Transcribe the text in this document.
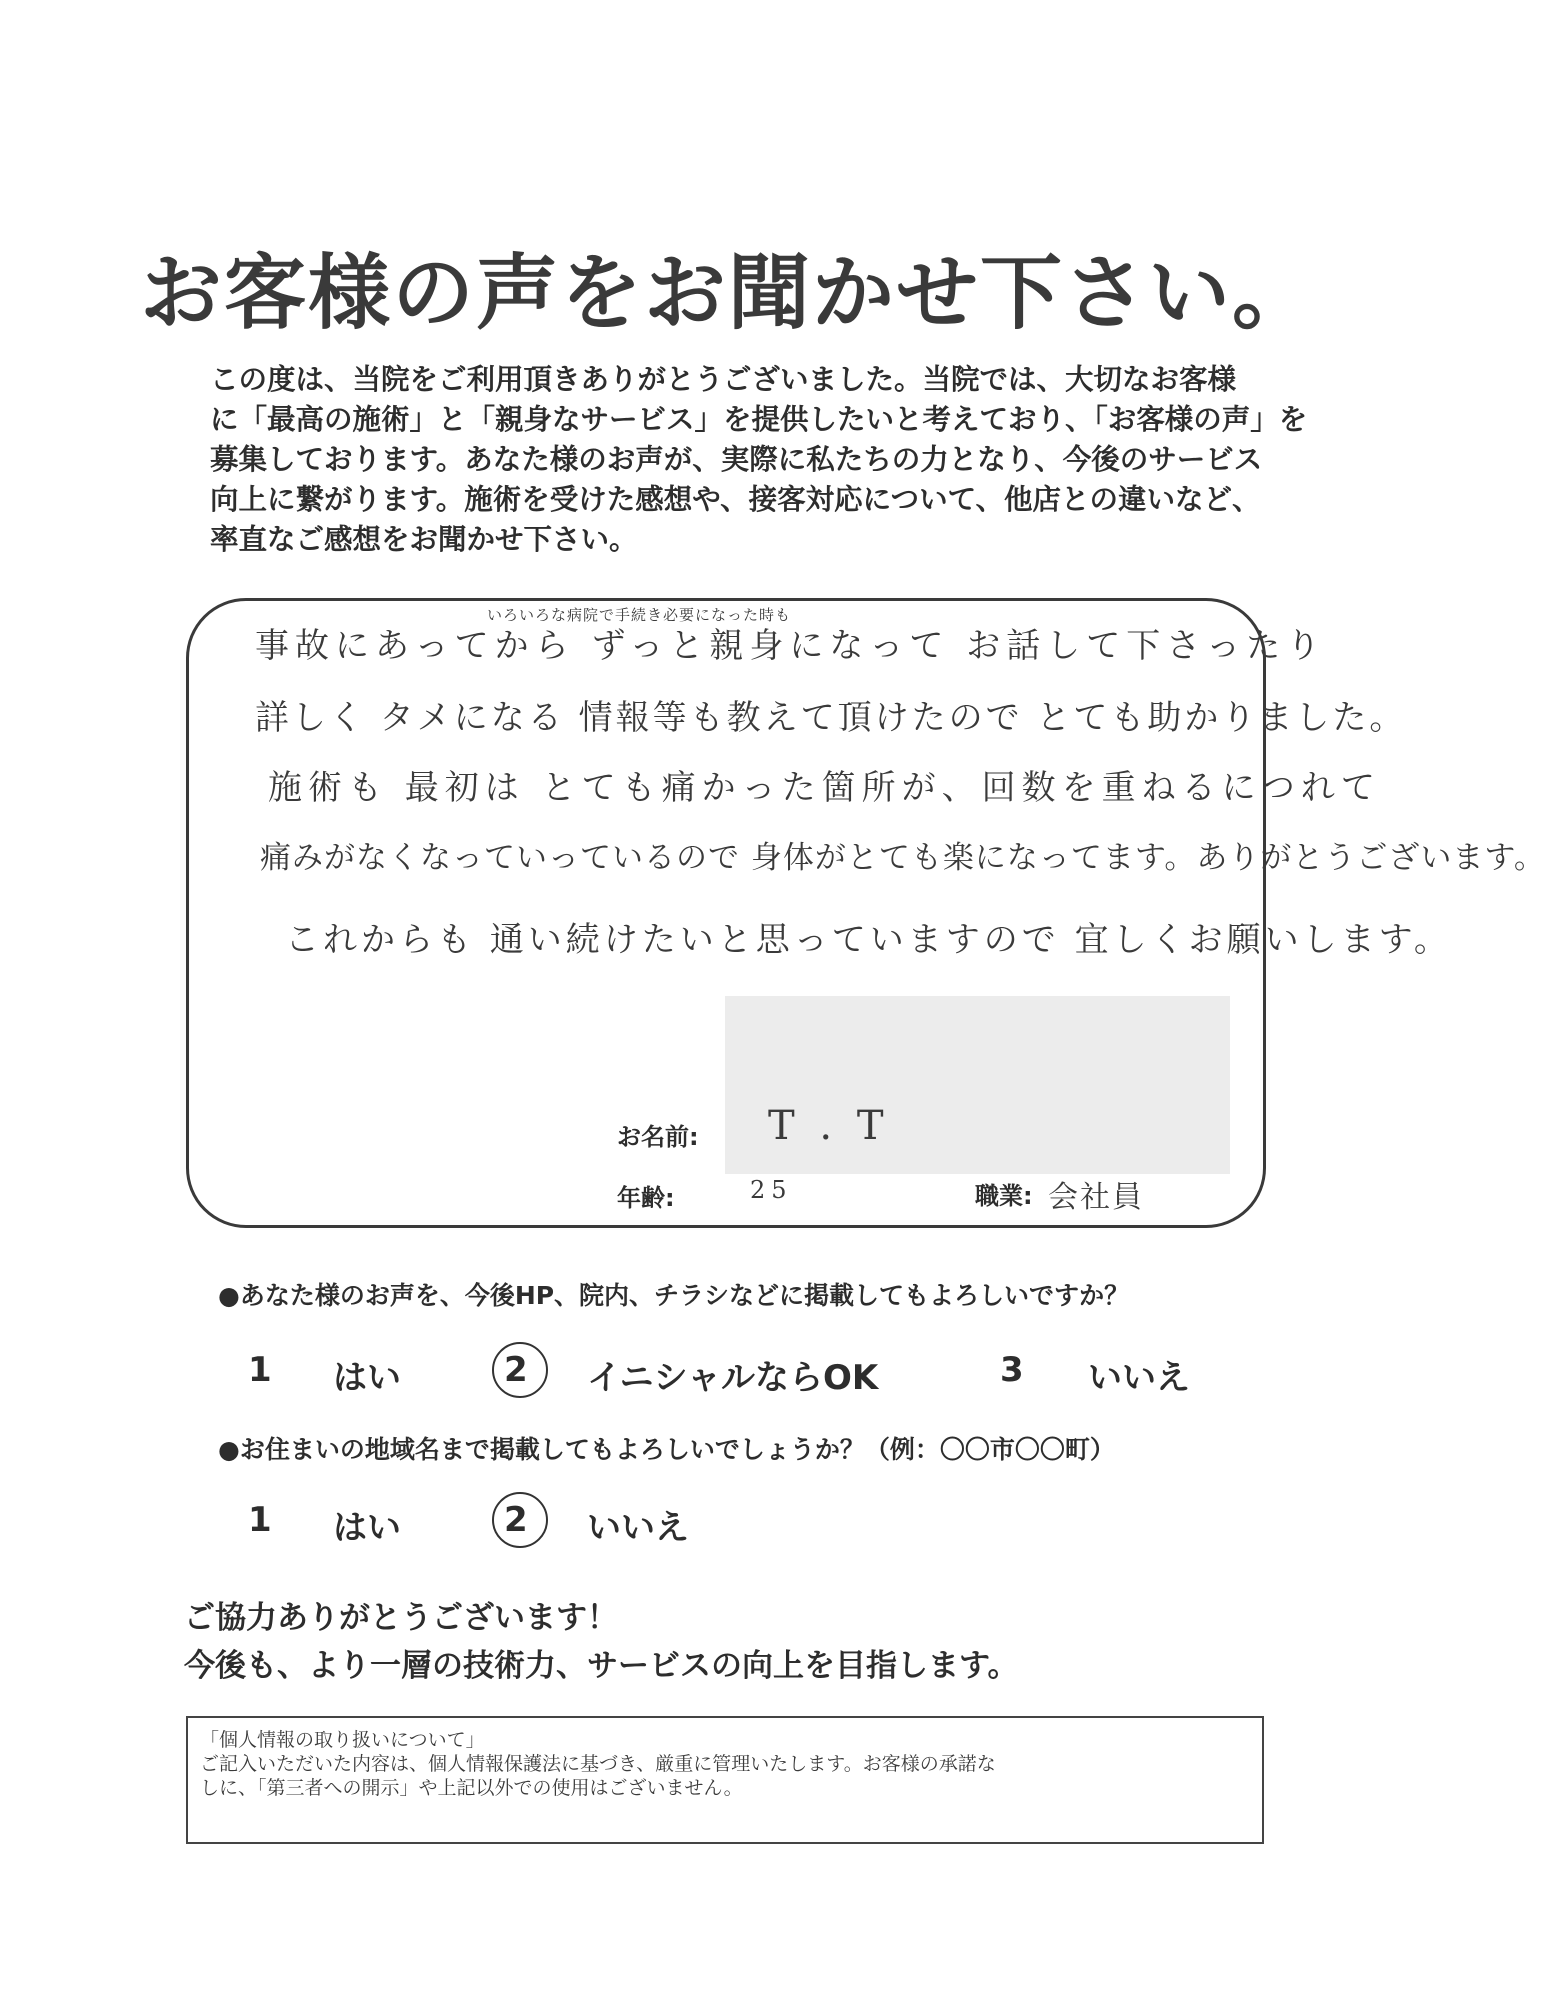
お客様の声をお聞かせ下さい。
この度は、当院をご利用頂きありがとうございました。当院では、大切なお客様
に「最高の施術」と「親身なサービス」を提供したいと考えており、「お客様の声」を
募集しております。あなた様のお声が、実際に私たちの力となり、今後のサービス
向上に繋がります。施術を受けた感想や、接客対応について、他店との違いなど、
率直なご感想をお聞かせ下さい。
いろいろな病院で手続き必要になった時も
事故にあってから ずっと親身になって お話して下さったり
詳しく タメになる 情報等も教えて頂けたので とても助かりました。
施術も 最初は とても痛かった箇所が、回数を重ねるにつれて
痛みがなくなっていっているので 身体がとても楽になってます。ありがとうございます。
これからも 通い続けたいと思っていますので 宜しくお願いします。
お名前: T . T
年齢:	25	職業: 会社員
●あなた様のお声を、今後HP、院内、チラシなどに掲載してもよろしいですか？
1 はい	2 イニシャルならOK	3 いいえ
●お住まいの地域名まで掲載してもよろしいでしょうか？（例：〇〇市〇〇町）
1 はい	2 いいえ
ご協力ありがとうございます！
今後も、より一層の技術力、サービスの向上を目指します。
「個人情報の取り扱いについて」
ご記入いただいた内容は、個人情報保護法に基づき、厳重に管理いたします。お客様の承諾な
しに、「第三者への開示」や上記以外での使用はございません。
